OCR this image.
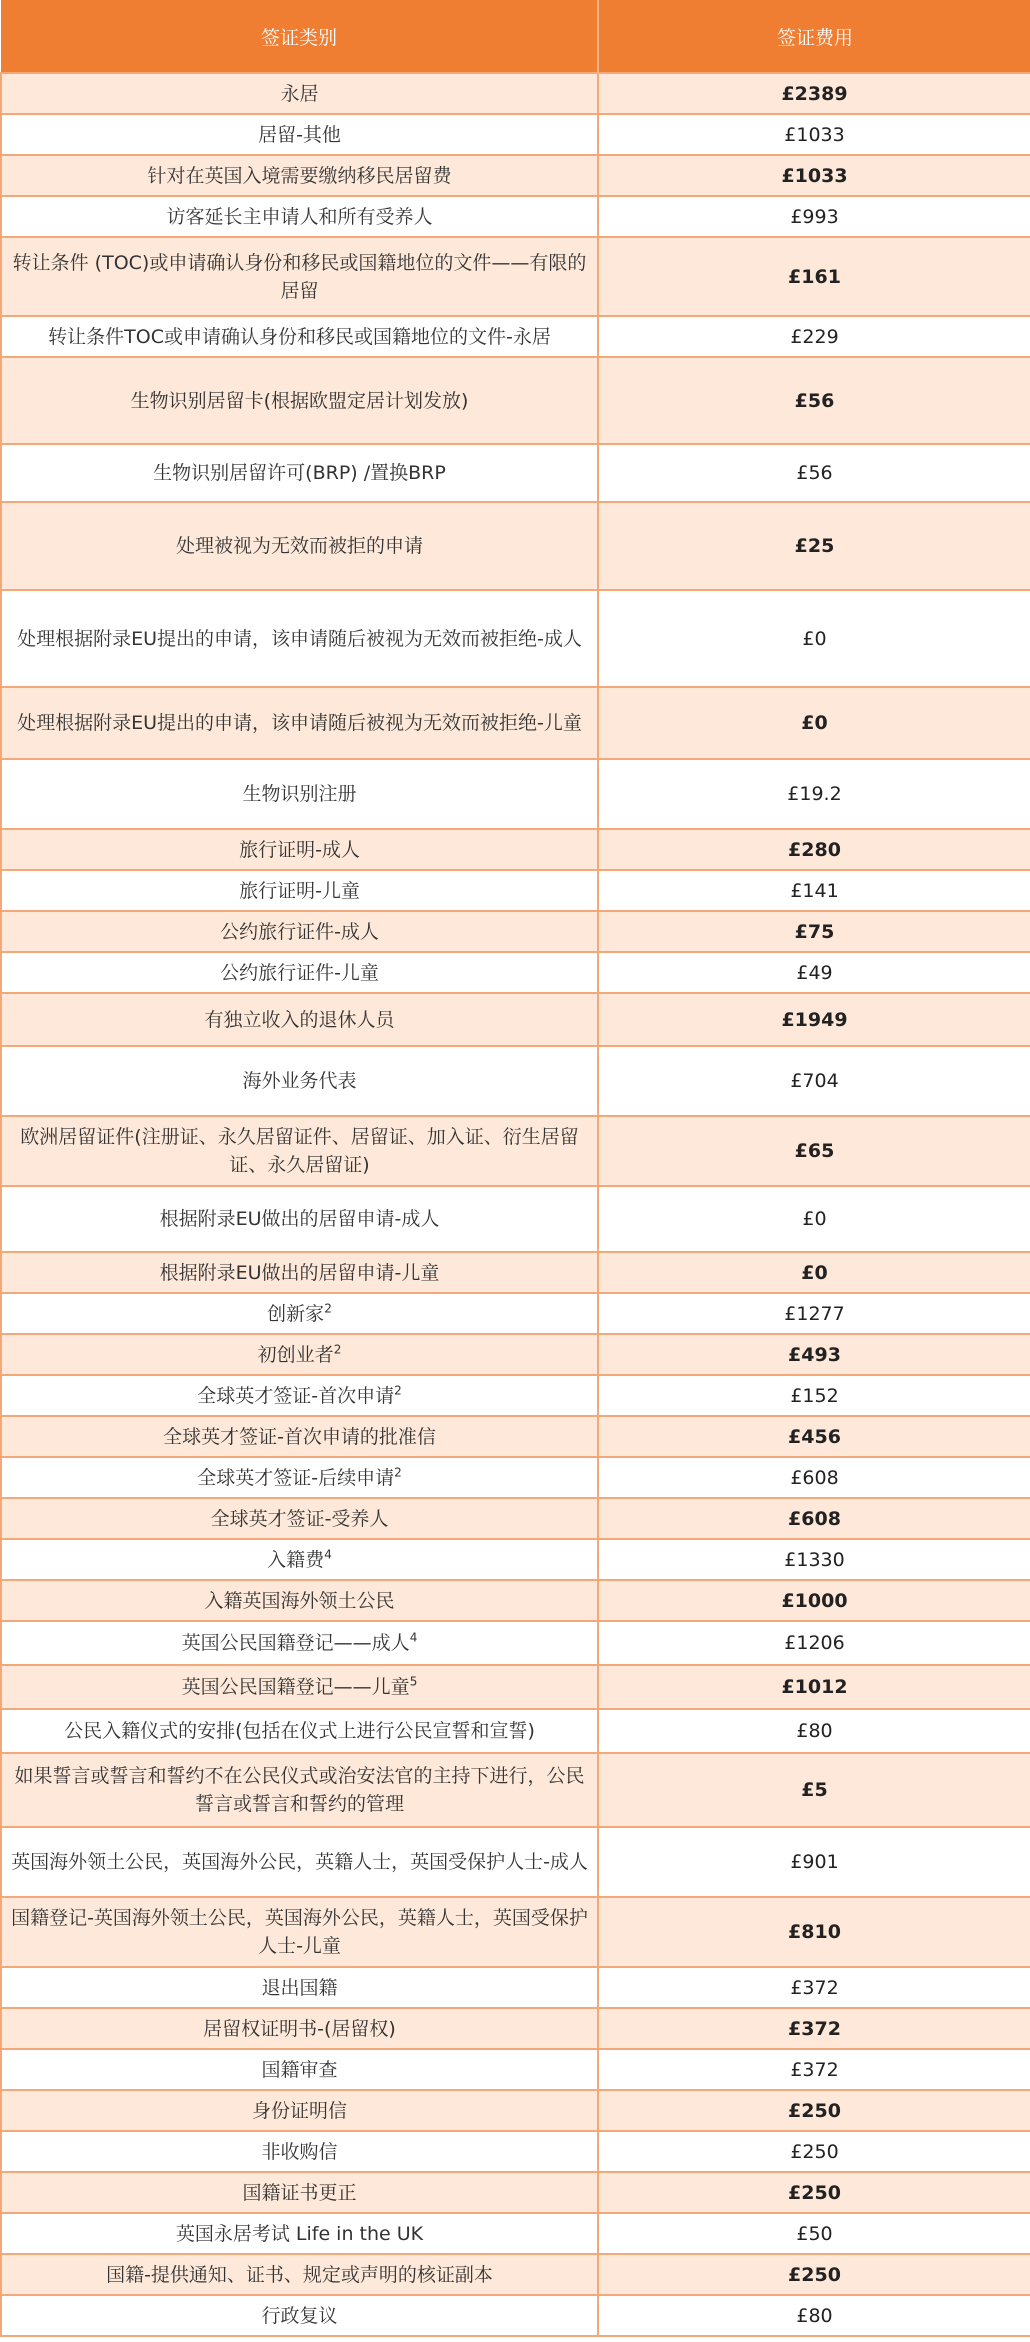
签证类别	签证费用
永居	£2389
居留-其他	£1033
针对在英国入境需要缴纳移民居留费	£1033
访客延长主申请人和所有受养人	£993
转让条件 (TOC)或申请确认身份和移民或国籍地位的文件——有限的居留	£161
转让条件TOC或申请确认身份和移民或国籍地位的文件-永居	£229
生物识别居留卡(根据欧盟定居计划发放)	£56
生物识别居留许可(BRP) /置换BRP	£56
处理被视为无效而被拒的申请	£25
处理根据附录EU提出的申请，该申请随后被视为无效而被拒绝-成人	£0
处理根据附录EU提出的申请，该申请随后被视为无效而被拒绝-儿童	£0
生物识别注册	£19.2
旅行证明-成人	£280
旅行证明-儿童	£141
公约旅行证件-成人	£75
公约旅行证件-儿童	£49
有独立收入的退休人员	£1949
海外业务代表	£704
欧洲居留证件(注册证、永久居留证件、居留证、加入证、衍生居留证、永久居留证)	£65
根据附录EU做出的居留申请-成人	£0
根据附录EU做出的居留申请-儿童	£0
创新家$^2$	£1277
初创业者$^2$	£493
全球英才签证-首次申请$^2$	£152
全球英才签证-首次申请的批准信	£456
全球英才签证-后续申请$^2$	£608
全球英才签证-受养人	£608
入籍费$^4$	£1330
入籍英国海外领土公民	£1000
英国公民国籍登记——成人$^4$	£1206
英国公民国籍登记——儿童$^5$	£1012
公民入籍仪式的安排(包括在仪式上进行公民宣誓和宣誓)	£80
如果誓言或誓言和誓约不在公民仪式或治安法官的主持下进行，公民誓言或誓言和誓约的管理	£5
英国海外领土公民，英国海外公民，英籍人士，英国受保护人士-成人	£901
国籍登记-英国海外领土公民，英国海外公民，英籍人士，英国受保护人士-儿童	£810
退出国籍	£372
居留权证明书-(居留权)	£372
国籍审查	£372
身份证明信	£250
非收购信	£250
国籍证书更正	£250
英国永居考试 Life in the UK	£50
国籍-提供通知、证书、规定或声明的核证副本	£250
行政复议	£80
